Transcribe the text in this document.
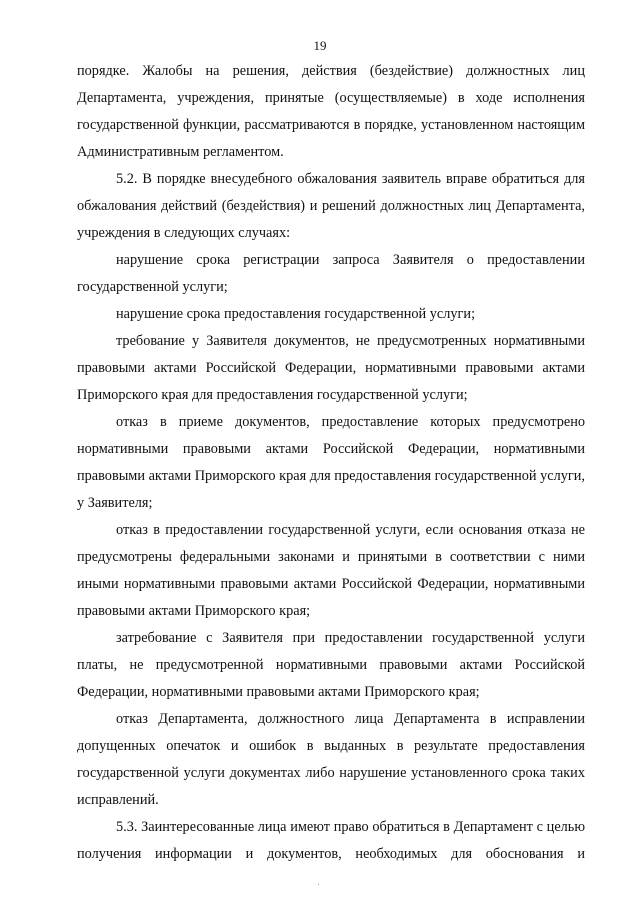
19

порядке. Жалобы на решения, действия (бездействие) должностных лиц Департамента, учреждения, принятые (осуществляемые) в ходе исполнения государственной функции, рассматриваются в порядке, установленном настоящим Административным регламентом.

5.2. В порядке внесудебного обжалования заявитель вправе обратиться для обжалования действий (бездействия) и решений должностных лиц Департамента, учреждения в следующих случаях:

нарушение срока регистрации запроса Заявителя о предоставлении государственной услуги;

нарушение срока предоставления государственной услуги;

требование у Заявителя документов, не предусмотренных нормативными правовыми актами Российской Федерации, нормативными правовыми актами Приморского края для предоставления государственной услуги;

отказ в приеме документов, предоставление которых предусмотрено нормативными правовыми актами Российской Федерации, нормативными правовыми актами Приморского края для предоставления государственной услуги, у Заявителя;

отказ в предоставлении государственной услуги, если основания отказа не предусмотрены федеральными законами и принятыми в соответствии с ними иными нормативными правовыми актами Российской Федерации, нормативными правовыми актами Приморского края;

затребование с Заявителя при предоставлении государственной услуги платы, не предусмотренной нормативными правовыми актами Российской Федерации, нормативными правовыми актами Приморского края;

отказ Департамента, должностного лица Департамента в исправлении допущенных опечаток и ошибок в выданных в результате предоставления государственной услуги документах либо нарушение установленного срока таких исправлений.

5.3. Заинтересованные лица имеют право обратиться в Департамент с целью получения информации и документов, необходимых для обоснования и
